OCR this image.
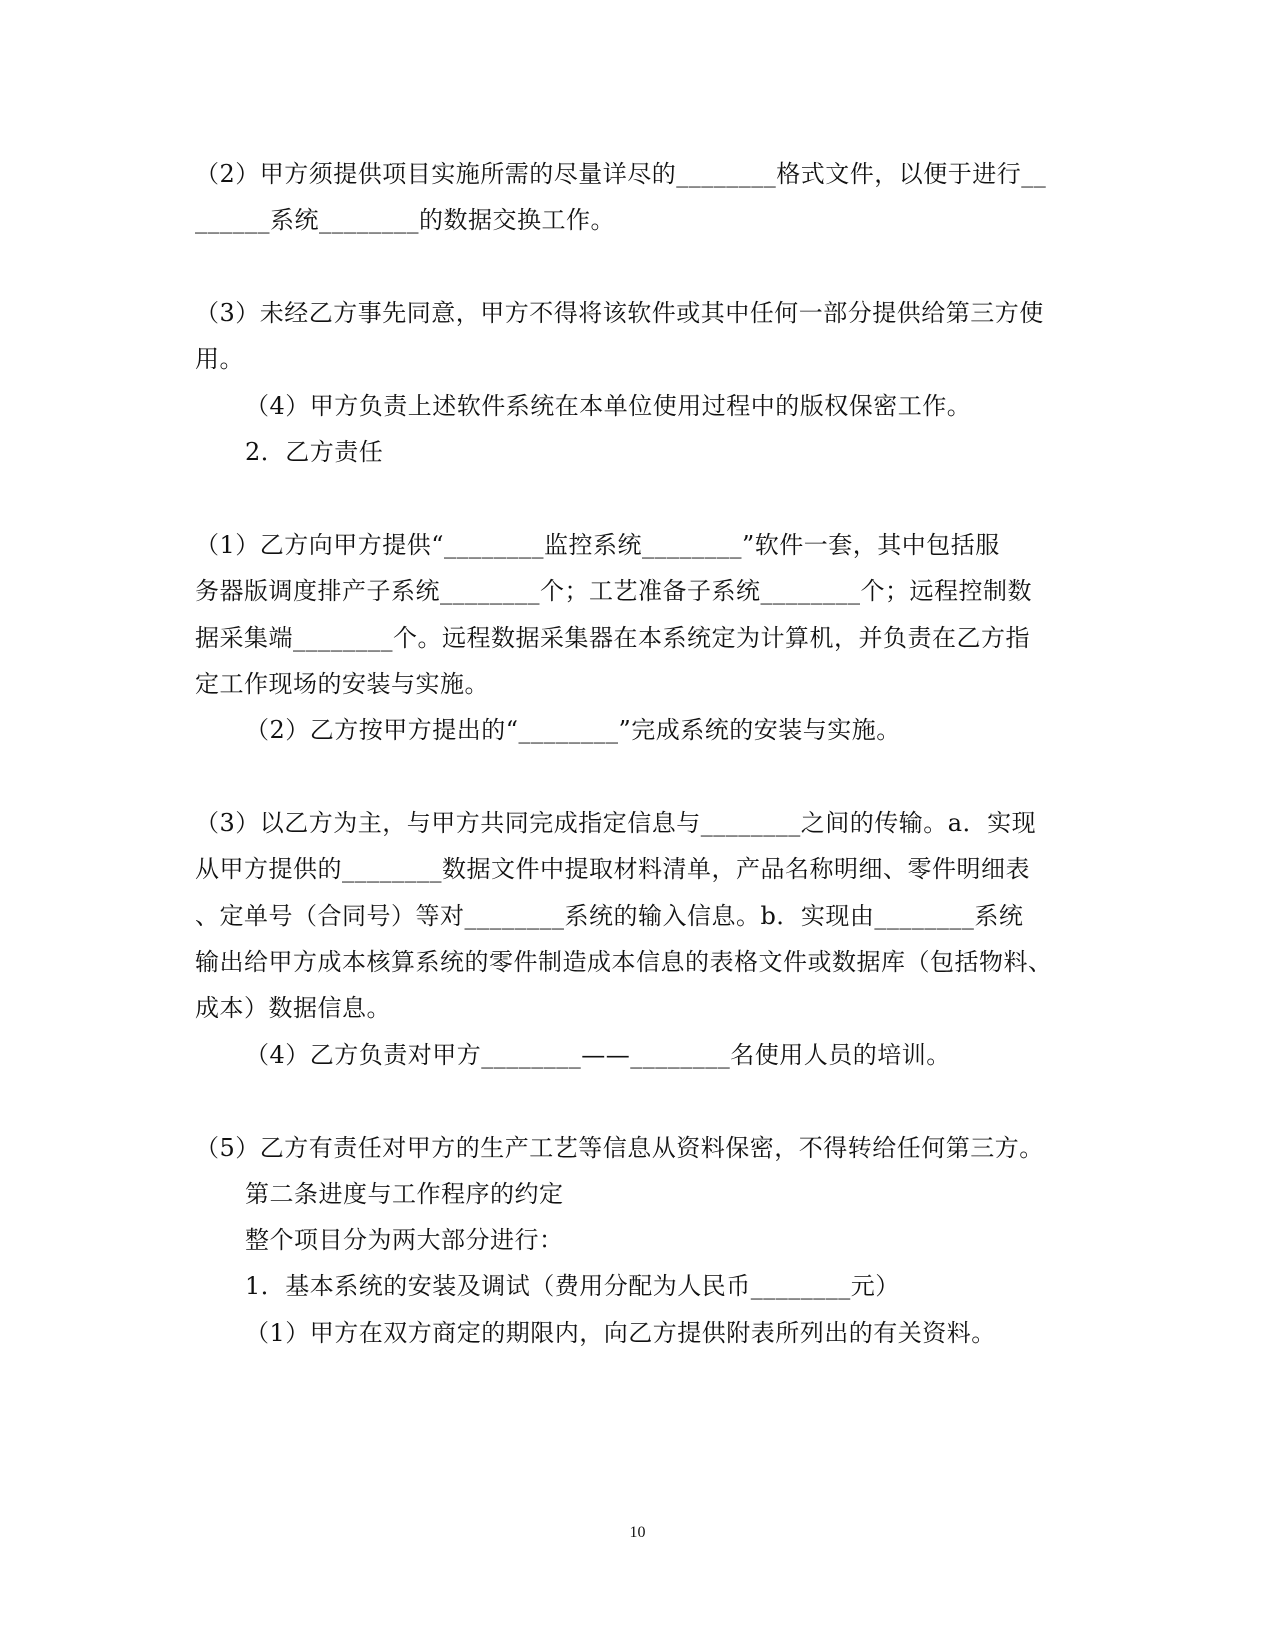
（2）甲方须提供项目实施所需的尽量详尽的________格式文件，以便于进行__
______系统________的数据交换工作。
（3）未经乙方事先同意，甲方不得将该软件或其中任何一部分提供给第三方使
用。
（4）甲方负责上述软件系统在本单位使用过程中的版权保密工作。
2．乙方责任
（1）乙方向甲方提供“________监控系统________”软件一套，其中包括服
务器版调度排产子系统________个；工艺准备子系统________个；远程控制数
据采集端________个。远程数据采集器在本系统定为计算机，并负责在乙方指
定工作现场的安装与实施。
（2）乙方按甲方提出的“________”完成系统的安装与实施。
（3）以乙方为主，与甲方共同完成指定信息与________之间的传输。a．实现
从甲方提供的________数据文件中提取材料清单，产品名称明细、零件明细表
、定单号（合同号）等对________系统的输入信息。b．实现由________系统
输出给甲方成本核算系统的零件制造成本信息的表格文件或数据库（包括物料、
成本）数据信息。
（4）乙方负责对甲方________——________名使用人员的培训。
（5）乙方有责任对甲方的生产工艺等信息从资料保密，不得转给任何第三方。
第二条进度与工作程序的约定
整个项目分为两大部分进行：
1．基本系统的安装及调试（费用分配为人民币________元）
（1）甲方在双方商定的期限内，向乙方提供附表所列出的有关资料。
10
